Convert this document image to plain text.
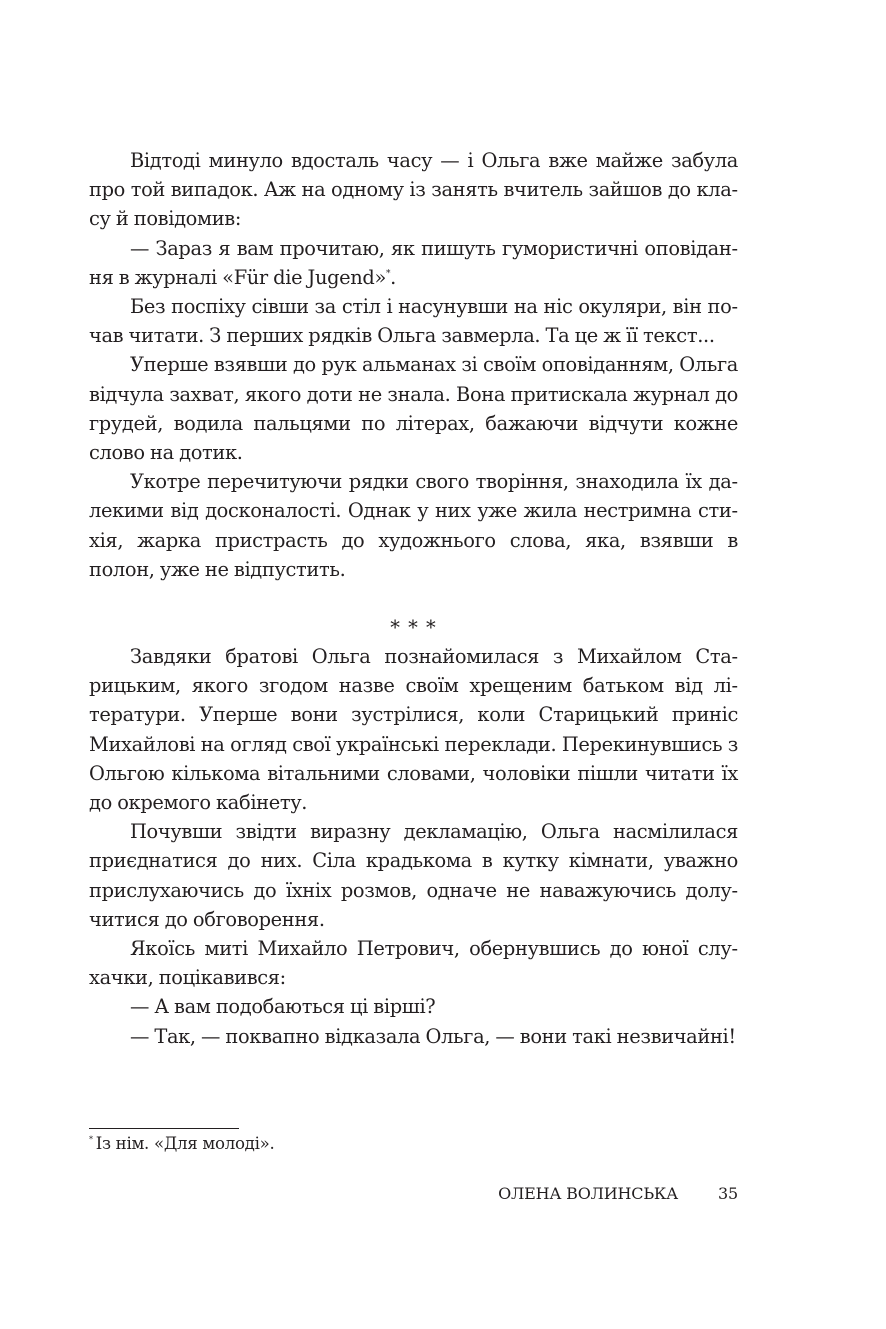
Відтоді минуло вдосталь часу — і Ольга вже майже забула про той випадок. Аж на одному із занять вчитель зайшов до класу й повідомив:

— Зараз я вам прочитаю, як пишуть гумористичні оповідання в журналі «Für die Jugend»*.

Без поспіху сівши за стіл і насунувши на ніс окуляри, він почав читати. З перших рядків Ольга завмерла. Та це ж її текст...

Уперше взявши до рук альманах зі своїм оповіданням, Ольга відчула захват, якого доти не знала. Вона притискала журнал до грудей, водила пальцями по літерах, бажаючи відчути кожне слово на дотик.

Укотре перечитуючи рядки свого творіння, знаходила їх далекими від досконалості. Однак у них уже жила нестримна стихія, жарка пристрасть до художнього слова, яка, взявши в полон, уже не відпустить.

* * *

Завдяки братові Ольга познайомилася з Михайлом Старицьким, якого згодом назве своїм хрещеним батьком від літератури. Уперше вони зустрілися, коли Старицький приніс Михайлові на огляд свої українські переклади. Перекинувшись з Ольгою кількома вітальними словами, чоловіки пішли читати їх до окремого кабінету.

Почувши звідти виразну декламацію, Ольга насмілилася приєднатися до них. Сіла крадькома в кутку кімнати, уважно прислухаючись до їхніх розмов, одначе не наважуючись долучитися до обговорення.

Якоїсь миті Михайло Петрович, обернувшись до юної слухачки, поцікавився:

— А вам подобаються ці вірші?

— Так, — поквапно відказала Ольга, — вони такі незвичайні!

* Із нім. «Для молоді».
ОЛЕНА ВОЛИНСЬКА	35
